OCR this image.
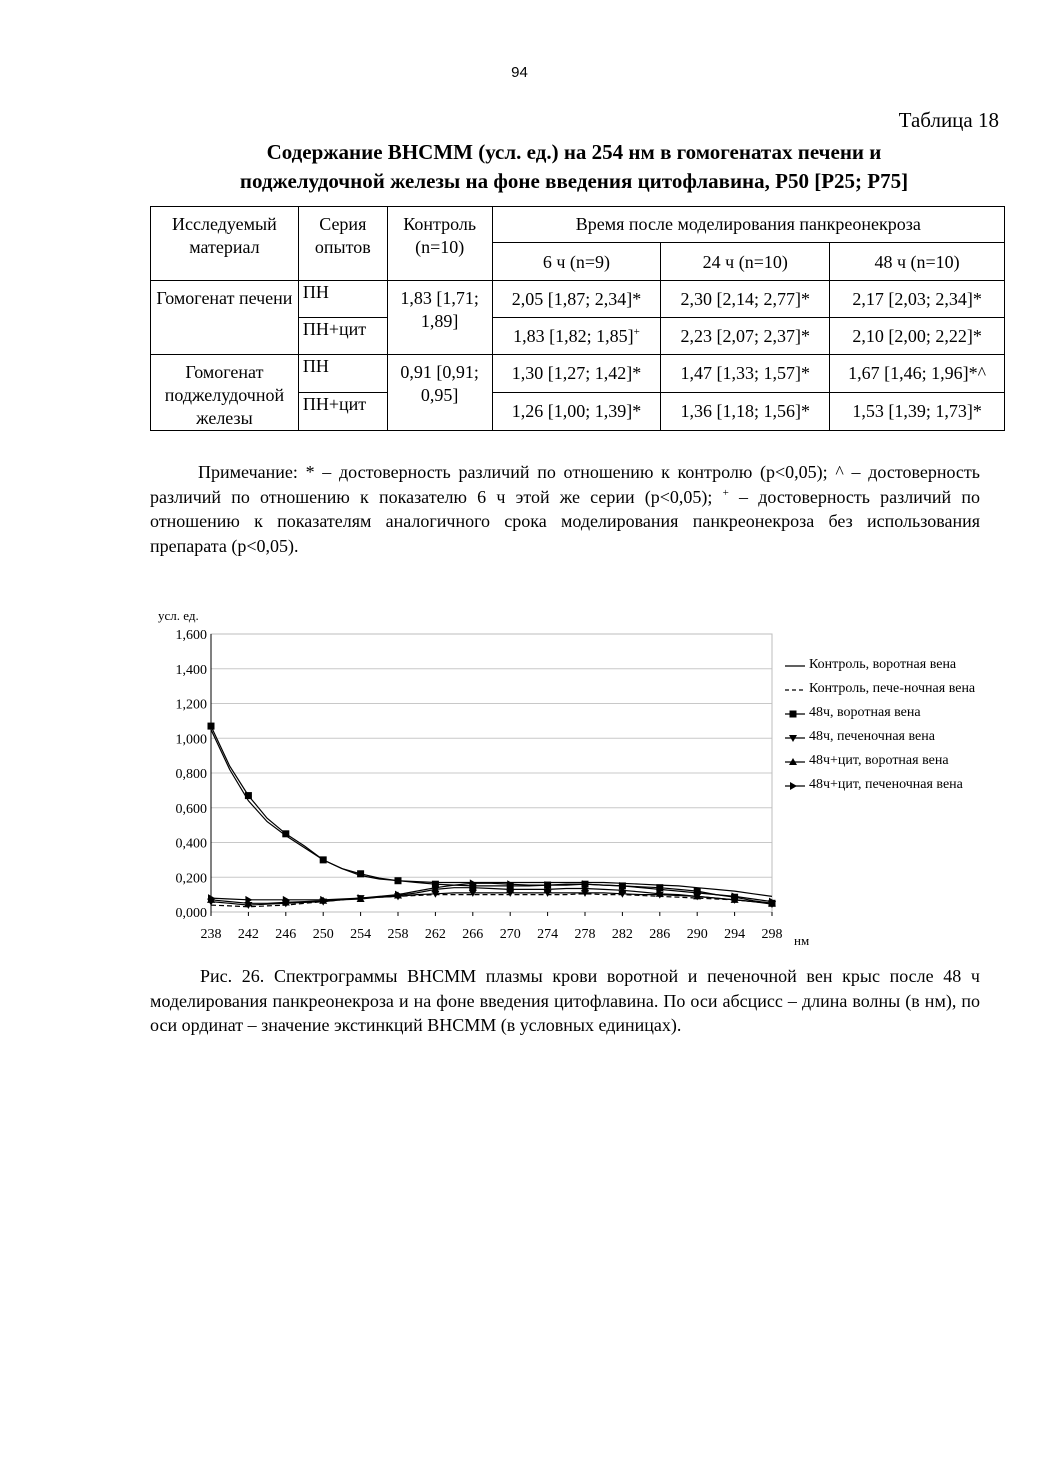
94
Таблица 18
Содержание ВНСММ (усл. ед.) на 254 нм в гомогенатах печени и
поджелудочной железы на фоне введения цитофлавина, Р50 [Р25; Р75]
Исследуемый материал	Серия опытов	Контроль (n=10)	Время после моделирования панкреонекроза		
			6 ч (n=9)	24 ч (n=10)	48 ч (n=10)
Гомогенат печени	ПН	1,83 [1,71; 1,89]	2,05 [1,87; 2,34]*	2,30 [2,14; 2,77]*	2,17 [2,03; 2,34]*
	ПН+цит		1,83 [1,82; 1,85]+	2,23 [2,07; 2,37]*	2,10 [2,00; 2,22]*
Гомогенат поджелудочной железы	ПН	0,91 [0,91; 0,95]	1,30 [1,27; 1,42]*	1,47 [1,33; 1,57]*	1,67 [1,46; 1,96]*^
	ПН+цит		1,26 [1,00; 1,39]*	1,36 [1,18; 1,56]*	1,53 [1,39; 1,73]*
Примечание: * – достоверность различий по отношению к контролю (p<0,05); ^ – достоверность различий по отношению к показателю 6 ч этой же серии (p<0,05); + – достоверность различий по отношению к показателям аналогичного срока моделирования панкреонекроза без использования препарата (p<0,05).
0,000
0,200
0,400
0,600
0,800
1,000
1,200
1,400
1,600
238 242 246 250 254 258 262 266 270 274 278 282 286 290 294 298
усл. ед.
нм
Контроль, воротная вена
Контроль, пече-ночная вена
48ч, воротная вена
48ч, печеночная вена
48ч+цит, воротная вена
48ч+цит, печеночная вена
Рис. 26. Спектрограммы ВНСММ плазмы крови воротной и печеночной вен крыс после 48 ч моделирования панкреонекроза и на фоне введения цитофлавина. По оси абсцисс – длина волны (в нм), по оси ординат – значение экстинкций ВНСММ (в условных единицах).
